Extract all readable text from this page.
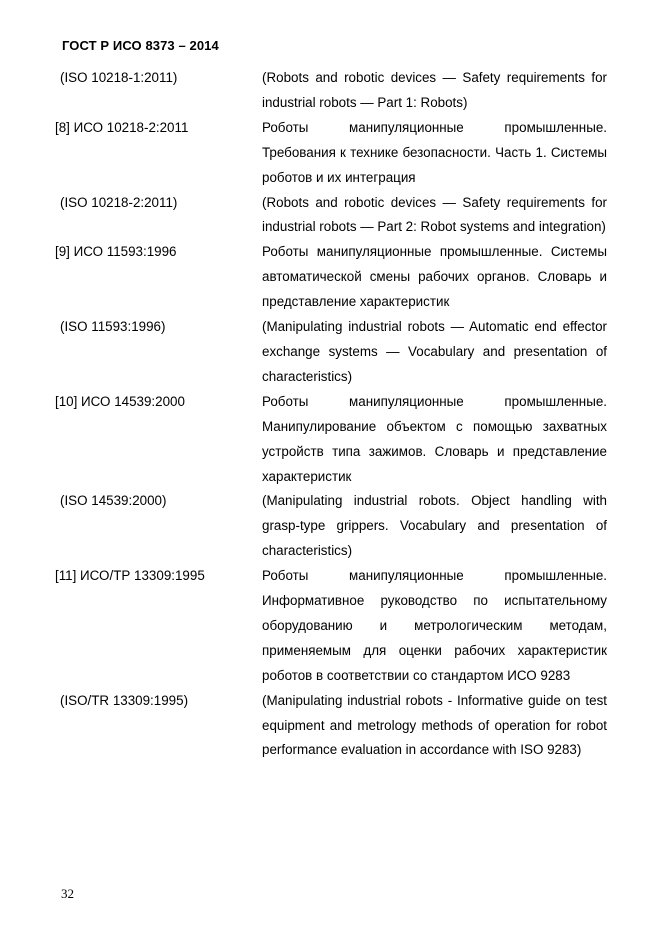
ГОСТ Р ИСО 8373 – 2014
(ISO 10218-1:2011)	(Robots and robotic devices — Safety requirements for industrial robots — Part 1: Robots)
[8] ИСО 10218-2:2011	Роботы манипуляционные промышленные. Требования к технике безопасности. Часть 1. Системы роботов и их интеграция
(ISO 10218-2:2011)	(Robots and robotic devices — Safety requirements for industrial robots — Part 2: Robot systems and integration)
[9] ИСО 11593:1996	Роботы манипуляционные промышленные. Системы автоматической смены рабочих органов. Словарь и представление характеристик
(ISO 11593:1996)	(Manipulating industrial robots — Automatic end effector exchange systems — Vocabulary and presentation of characteristics)
[10] ИСО 14539:2000	Роботы манипуляционные промышленные. Манипулирование объектом с помощью захватных устройств типа зажимов. Словарь и представление характеристик
(ISO 14539:2000)	(Manipulating industrial robots. Object handling with grasp-type grippers. Vocabulary and presentation of characteristics)
[11] ИСО/ТР 13309:1995	Роботы манипуляционные промышленные. Информативное руководство по испытательному оборудованию и метрологическим методам, применяемым для оценки рабочих характеристик роботов в соответствии со стандартом ИСО 9283
(ISO/TR 13309:1995)	(Manipulating industrial robots - Informative guide on test equipment and metrology methods of operation for robot performance evaluation in accordance with ISO 9283)
32
